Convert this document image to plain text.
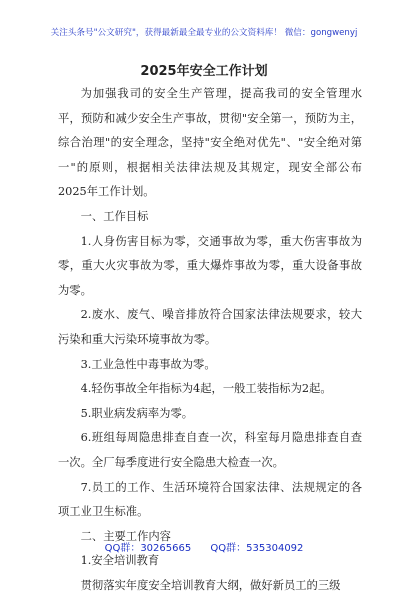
关注头条号"公文研究"，获得最新最全最专业的公文资料库！ 微信：gongwenyj
2025年安全工作计划

为加强我司的安全生产管理，提高我司的安全管理水平，预防和减少安全生产事故，贯彻"安全第一，预防为主，综合治理"的安全理念，坚持"安全绝对优先"、"安全绝对第一"的原则，根据相关法律法规及其规定，现安全部公布2025年工作计划。

一、工作目标

1.人身伤害目标为零，交通事故为零，重大伤害事故为零，重大火灾事故为零，重大爆炸事故为零，重大设备事故为零。

2.废水、废气、噪音排放符合国家法律法规要求，较大污染和重大污染环境事故为零。

3.工业急性中毒事故为零。

4.轻伤事故全年指标为4起，一般工装指标为2起。

5.职业病发病率为零。

6.班组每周隐患排查自查一次，科室每月隐患排查自查一次。全厂每季度进行安全隐患大检查一次。

7.员工的工作、生活环境符合国家法律、法规规定的各项工业卫生标准。

二、主要工作内容

1.安全培训教育

贯彻落实年度安全培训教育大纲，做好新员工的三级

QQ群：30265665 QQ群：535304092
